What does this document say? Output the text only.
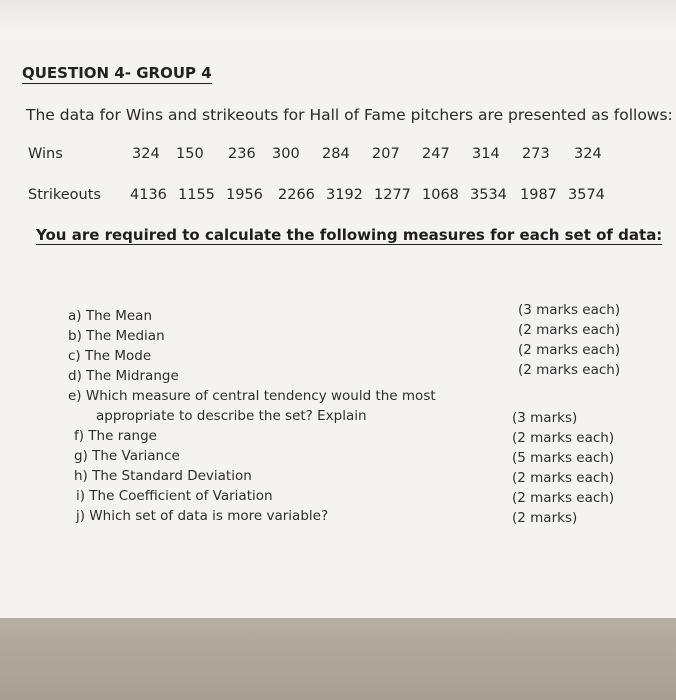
QUESTION 4- GROUP 4
The data for Wins and strikeouts for Hall of Fame pitchers are presented as follows:
Wins	324 150 236 300 284 207 247 314 273 324
Strikeouts 4136 1155 1956 2266 3192 1277 1068 3534 1987 3574
You are required to calculate the following measures for each set of data:
a) The Mean
b) The Median
c) The Mode
d) The Midrange
e) Which measure of central tendency would the most appropriate to describe the set? Explain
f) The range
g) The Variance
h) The Standard Deviation
i) The Coefficient of Variation
j) Which set of data is more variable?
(3 marks each)
(2 marks each)
(2 marks each)
(2 marks each)
(3 marks)
(2 marks each)
(5 marks each)
(2 marks each)
(2 marks each)
(2 marks)
